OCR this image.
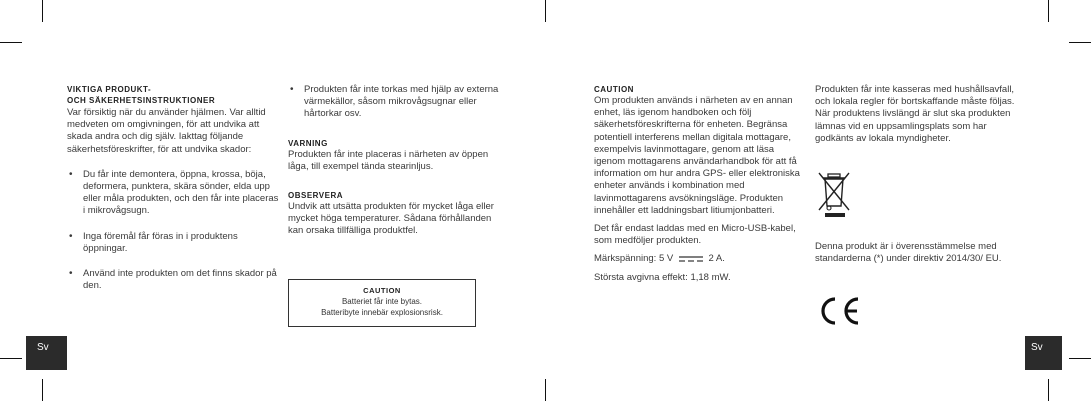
Sv	Sv
VIKTIGA PRODUKT-
OCH SÄKERHETSINSTRUKTIONER

Var försiktig när du använder hjälmen. Var alltid medveten om omgivningen, för att undvika att skada andra och dig själv. Iakttag följande säkerhetsföreskrifter, för att undvika skador:

• Du får inte demontera, öppna, krossa, böja, deformera, punktera, skära sönder, elda upp eller måla produkten, och den får inte placeras i mikrovågsugn.

• Inga föremål får föras in i produktens öppningar.

• Använd inte produkten om det finns skador på den.

• Produkten får inte torkas med hjälp av externa värmekällor, såsom mikrovågsugnar eller hårtorkar osv.

VARNING

Produkten får inte placeras i närheten av öppen låga, till exempel tända stearinljus.

OBSERVERA

Undvik att utsätta produkten för mycket låga eller mycket höga temperaturer. Sådana förhållanden kan orsaka tillfälliga produktfel.

CAUTION
Batteriet får inte bytas.
Batteribyte innebär explosionsrisk.
CAUTION

Om produkten används i närheten av en annan enhet, läs igenom handboken och följ säkerhetsföreskrifterna för enheten. Begränsa potentiell interferens mellan digitala mottagare, exempelvis lavinmottagare, genom att läsa igenom mottagarens användarhandbok för att få information om hur andra GPS- eller elektroniska enheter används i kombination med lavinmottagarens avsökningsläge. Produkten innehåller ett laddningsbart litiumjonbatteri.

Det får endast laddas med en Micro-USB-kabel, som medföljer produkten.

Märkspänning: 5 V	2 A.

Största avgivna effekt: 1,18 mW.

Produkten får inte kasseras med hushållsavfall, och lokala regler för bortskaffande måste följas. När produktens livslängd är slut ska produkten lämnas vid en uppsamlingsplats som har godkänts av lokala myndigheter.

Denna produkt är i överensstämmelse med standarderna (*) under direktiv 2014/30/ EU.
